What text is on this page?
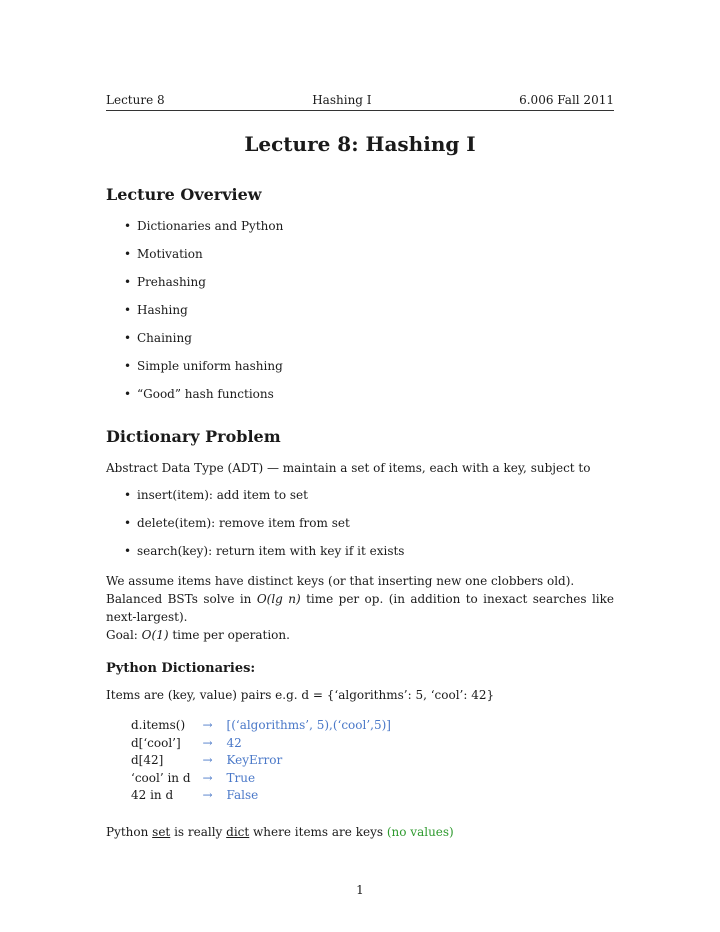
Lecture 8	Hashing I	6.006 Fall 2011
Lecture 8: Hashing I
Lecture Overview
• Dictionaries and Python
• Motivation
• Prehashing
• Hashing
• Chaining
• Simple uniform hashing
• “Good” hash functions
Dictionary Problem
Abstract Data Type (ADT) — maintain a set of items, each with a key, subject to
• insert(item): add item to set
• delete(item): remove item from set
• search(key): return item with key if it exists
We assume items have distinct keys (or that inserting new one clobbers old).
Balanced BSTs solve in O(lg n) time per op. (in addition to inexact searches like next-largest).
Goal: O(1) time per operation.
Python Dictionaries:
Items are (key, value) pairs e.g. d = {‘algorithms’: 5, ‘cool’: 42}
d.items()	→	[(‘algorithms’, 5),(‘cool’,5)]
d[‘cool’]	→	42
d[42]	→	KeyError
‘cool’ in d	→	True
42 in d	→	False
Python set is really dict where items are keys (no values)
1
